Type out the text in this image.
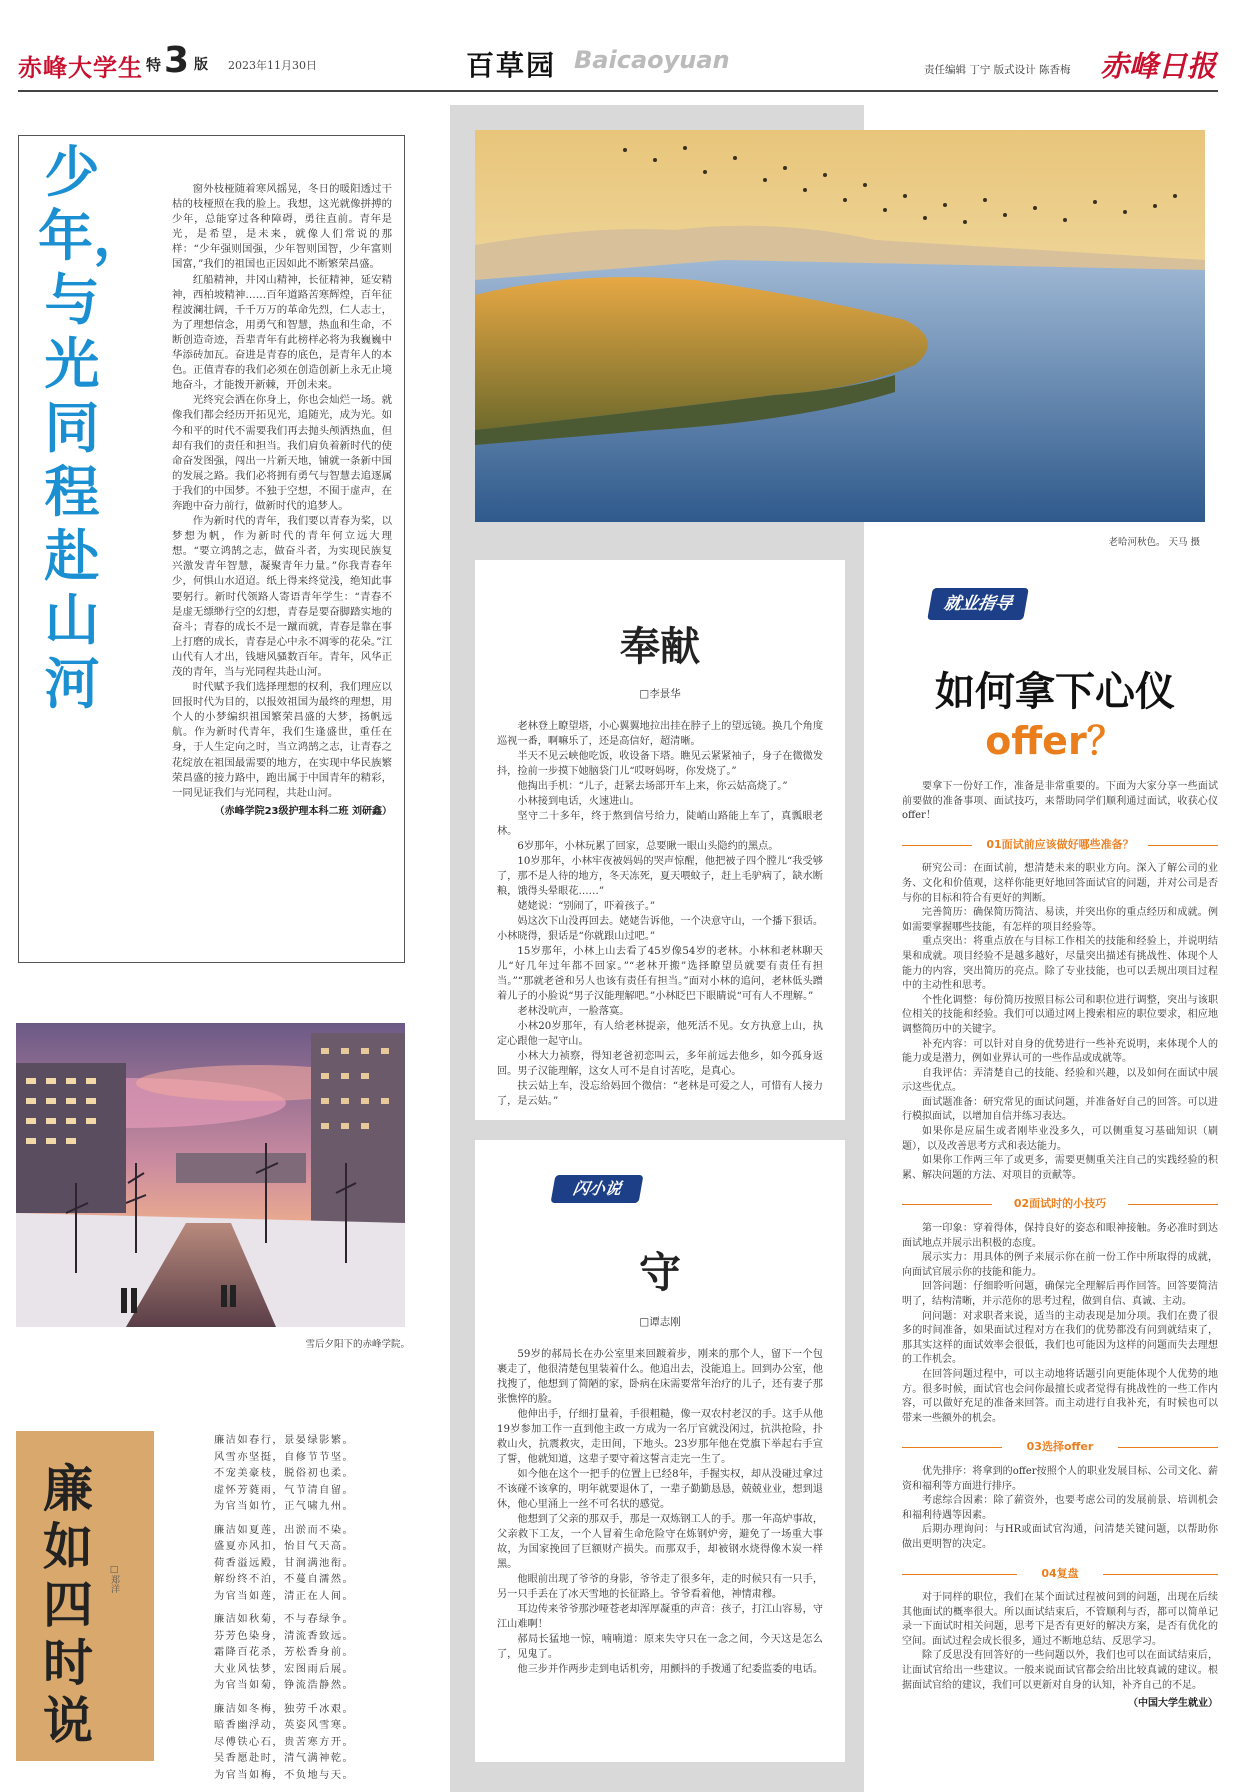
赤峰大学生 特 3 版 2023年11月30日	百草园 Baicaoyuan	责任编辑 丁宁 版式设计 陈香梅 赤峰日报
少年，与光同程赴山河

窗外枝桠随着寒风摇晃，冬日的暖阳透过干枯的枝桠照在我的脸上。我想，这光就像拼搏的少年，总能穿过各种障碍，勇往直前。青年是光，是希望，是未来，就像人们常说的那样：“少年强则国强，少年智则国智，少年富则国富，”我们的祖国也正因如此不断繁荣昌盛。

红船精神，井冈山精神，长征精神，延安精神，西柏坡精神……百年道路苦寒辉煌，百年征程波澜壮阔，千千万万的革命先烈，仁人志士，为了理想信念，用勇气和智慧，热血和生命，不断创造奇迹，吾辈青年有此榜样必将为我巍巍中华添砖加瓦。奋进是青春的底色，是青年人的本色。正值青春的我们必须在创造创新上永无止境地奋斗，才能拨开新棘，开创未来。

光终究会洒在你身上，你也会灿烂一场。就像我们都会经历开拓见光，追随光，成为光。如今和平的时代不需要我们再去抛头颅洒热血，但却有我们的责任和担当。我们肩负着新时代的使命奋发图强，闯出一片新天地，铺就一条新中国的发展之路。我们必将拥有勇气与智慧去追逐属于我们的中国梦。不独于空想，不囿于虚声，在奔跑中奋力前行，做新时代的追梦人。

作为新时代的青年，我们要以青春为桨，以梦想为帆，作为新时代的青年何立远大理想。“要立鸿鹄之志，做奋斗者，为实现民族复兴激发青年智慧，凝聚青年力量。”你我青春年少，何惧山水迢迢。纸上得来终觉浅，绝知此事要躬行。新时代领路人寄语青年学生：“青春不是虚无缥缈行空的幻想，青春是要奋脚踏实地的奋斗；青春的成长不是一蹴而就，青春是靠在事上打磨的成长，青春是心中永不凋零的花朵。”江山代有人才出，钱塘风骚数百年。青年，风华正茂的青年，当与光同程共赴山河。

时代赋予我们选择理想的权利，我们理应以回报时代为目的，以报效祖国为最终的理想，用个人的小梦编织祖国繁荣昌盛的大梦，扬帆远航。作为新时代青年，我们生逢盛世，重任在身，于人生定向之时，当立鸿鹄之志，让青春之花绽放在祖国最需要的地方，在实现中华民族繁荣昌盛的接力路中，跑出属于中国青年的精彩，一同见证我们与光同程，共赴山河。

（赤峰学院23级护理本科二班 刘研鑫）
雪后夕阳下的赤峰学院。
廉如四时说
□郑洋
廉洁如春行，景晏绿影繁。
风雪亦坚挺，自修节节坚。
不宠美豪枝，脱俗初也柔。
虚怀芳蕤雨，气节清自留。
为官当如竹，正气啸九州。
廉洁如夏莲，出淤而不染。
盛夏亦风扣，怡目气天高。
荷香溢远殿，甘润满池衔。
解纷终不泊，不蔓自濡然。
为官当如莲，清正在人间。
廉洁如秋菊，不与春绿争。
芬芳色染身，清流香致远。
霜降百花杀，芳松香身前。
大业风怯梦，宏图雨后展。
为官当如菊，铮流浩静然。
廉洁如冬梅，独劳千冰艰。
暗香幽浮动，英姿风雪寒。
尽傅铁心石，贵苦寒方开。
吴香愿赴时，清气满神乾。
为官当如梅，不负地与天。
老哈河秋色。 天马 摄
奉献
□李景华

老林登上瞭望塔，小心翼翼地拉出挂在脖子上的望远镜。换几个角度巡视一番，啊嘛乐了，还是高信好，超清晰。

半天不见云峡他吃饭，收设备下塔。瞧见云紧紧袖子，身子在微微发抖，捡前一步摸下她脑袋门儿“哎呀妈呀，你发烧了。”

他掏出手机：“儿子，赶紧去场部开车上来，你云姑高烧了。”

小林接到电话，火速进山。

坚守二十多年，终于熬到信号给力，陡峭山路能上车了，真瓢眼老林。

6岁那年，小林玩累了回家，总要瞅一眼山头隐约的黑点。

10岁那年，小林牢夜被妈妈的哭声惊醒，他把被子四个膛儿“我受够了，那不是人待的地方，冬天冻死，夏天喂蚊子，赶上毛驴病了，缺水断粮，饿得头晕眼花……”

姥姥说：“别闹了，吓着孩子。”

妈这次下山没再回去。姥姥告诉他，一个决意守山，一个播下狠话。小林晓得，狠话是“你就跟山过吧。”

15岁那年，小林上山去看了45岁像54岁的老林。小林和老林聊天儿“好几年过年都不回家。”“老林开搬”选择瞭望员就要有责任有担当。”“那就老爸和另人也该有责任有担当。”面对小林的追问，老林低头蹭着儿子的小脸说“男子汉能理解吧。”小林眨巴下眼睛说“可有人不理解。”

老林没吭声，一脸落寞。

小林20岁那年，有人给老林提亲，他死活不见。女方执意上山，执定心跟他一起守山。

小林大力祯察，得知老爸初恋叫云，多年前远去他乡，如今孤身返回。男子汉能理解，这女人可不是自讨苦吃，是真心。

扶云姑上车，没忘给妈回个微信：“老林是可爱之人，可惜有人接力了，是云姑。”

闪小说
守
□谭志刚

59岁的郝局长在办公室里来回踱着步，刚来的那个人，留下一个包裹走了，他很清楚包里装着什么。他追出去，没能追上。回到办公室，他找搜了，他想到了简陋的家，卧病在床需要常年治疗的儿子，还有妻子那张憔悴的脸。

他伸出手，仔细打量着，手很粗糙，像一双农村老汉的手。这手从他19岁参加工作一直到他主政一方成为一名厅官就没闲过，抗洪抢险，扑救山火，抗震救灾，走田间，下地头。23岁那年他在党旗下举起右手宣了誓，他就知道，这辈子要守着这誓言走完一生了。

如今他在这个一把手的位置上已经8年，手握实权，却从没碰过拿过不该碰不该拿的，明年就要退休了，一辈子勤勤恳恳，兢兢业业，想到退休，他心里涌上一丝不可名状的感觉。

他想到了父亲的那双手，那是一双炼钢工人的手。那一年高炉事故，父亲救下工友，一个人冒着生命危险守在炼钢炉旁，避免了一场重大事故，为国家挽回了巨额财产损失。而那双手，却被钢水烧得像木炭一样黑。

他眼前出现了爷爷的身影，爷爷走了很多年，走的时候只有一只手，另一只手丢在了冰天雪地的长征路上。爷爷看着他，神情肃穆。

耳边传来爷爷那沙哑苍老却浑厚凝重的声音：孩子，打江山容易，守江山难啊！

郝局长猛地一惊，喃喃道：原来失守只在一念之间，今天这是怎么了，见鬼了。

他三步并作两步走到电话机旁，用颤抖的手拨通了纪委监委的电话。

就业指导
如何拿下心仪
offer？

要拿下一份好工作，准备是非常重要的。下面为大家分享一些面试前要做的准备事项、面试技巧，来帮助同学们顺利通过面试，收获心仪offer！

01面试前应该做好哪些准备？

研究公司：在面试前，想清楚未来的职业方向。深入了解公司的业务、文化和价值观，这样你能更好地回答面试官的问题，并对公司是否与你的目标和符合有更好的判断。

完善简历：确保简历简洁、易读，并突出你的重点经历和成就。例如需要掌握哪些技能，有怎样的项目经验等。

重点突出：将重点放在与目标工作相关的技能和经验上，并说明结果和成就。项目经验不是越多越好，尽量突出描述有挑战性、体现个人能力的内容，突出简历的亮点。除了专业技能，也可以丢规出项目过程中的主动性和思考。

个性化调整：每份简历按照目标公司和职位进行调整，突出与该职位相关的技能和经验。我们可以通过网上搜索相应的职位要求，相应地调整简历中的关键字。

补充内容：可以针对自身的优势进行一些补充说明，来体现个人的能力或是潜力，例如业界认可的一些作品或成就等。

自我评估：弄清楚自己的技能、经验和兴趣，以及如何在面试中展示这些优点。

面试题准备：研究常见的面试问题，并准备好自己的回答。可以进行模拟面试，以增加自信并练习表达。

如果你是应届生或者刚毕业没多久，可以侧重复习基础知识（刷题），以及改善思考方式和表达能力。

如果你工作两三年了或更多，需要更侧重关注自己的实践经验的积累、解决问题的方法、对项目的贡献等。

02面试时的小技巧

第一印象：穿着得体，保持良好的姿态和眼神接触。务必准时到达面试地点并展示出积极的态度。

展示实力：用具体的例子来展示你在前一份工作中所取得的成就，向面试官展示你的技能和能力。

回答问题：仔细聆听问题，确保完全理解后再作回答。回答要简洁明了，结构清晰，并示范你的思考过程，做到自信、真诚、主动。

问问题：对求职者来说，适当的主动表现是加分项。我们在费了很多的时间准备，如果面试过程对方在我们的优势都没有问到就结束了，那其实这样的面试效率会很低，我们也可能因为这样的问题而失去理想的工作机会。

在回答问题过程中，可以主动地将话题引向更能体现个人优势的地方。很多时候，面试官也会问你最擅长或者觉得有挑战性的一些工作内容，可以做好充足的准备来回答。而主动进行自我补充，有时候也可以带来一些额外的机会。

03选择offer

优先排序：将拿到的offer按照个人的职业发展目标、公司文化、薪资和福利等方面进行排序。

考虑综合因素：除了薪资外，也要考虑公司的发展前景、培训机会和福利待遇等因素。

后期办理询问：与HR或面试官沟通，问清楚关键问题，以帮助你做出更明智的决定。

04复盘

对于同样的职位，我们在某个面试过程被问到的问题，出现在后续其他面试的概率很大。所以面试结束后，不管顺利与否，都可以简单记录一下面试时相关问题，思考下是否有更好的解决方案，是否有优化的空间。面试过程会成长很多，通过不断地总结、反思学习。

除了反思没有回答好的一些问题以外，我们也可以在面试结束后，让面试官给出一些建议。一般来说面试官都会给出比较真诚的建议。根据面试官给的建议，我们可以更新对自身的认知，补齐自己的不足。

（中国大学生就业）
